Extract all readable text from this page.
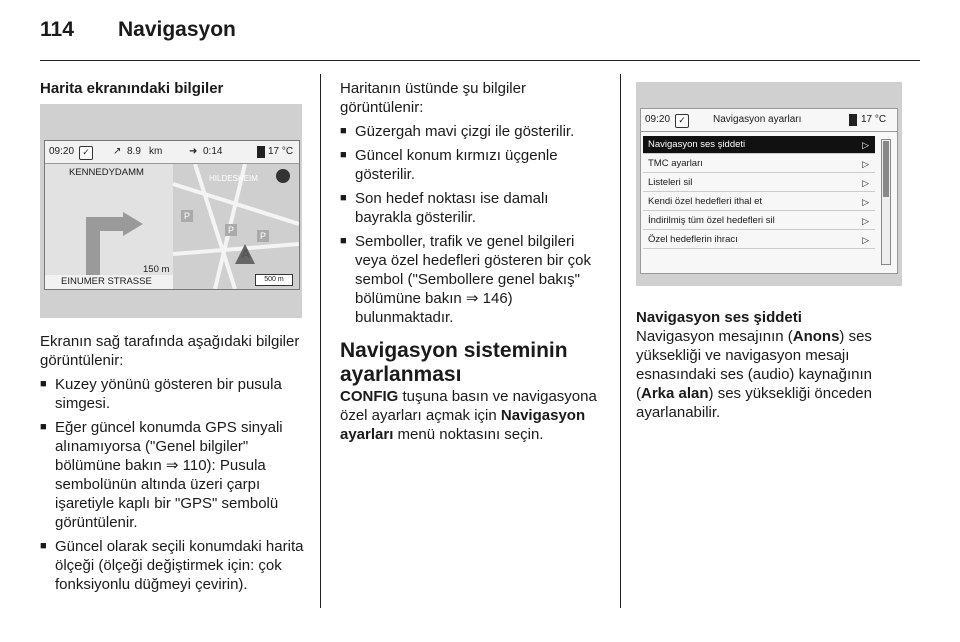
114 Navigasyon

Harita ekranındaki bilgiler

09:20 ✓	↗ 8.9 km	➜ 0:14	17 °C
KENNEDYDAMM
HILDESHEIM
P
P
P
A
150 m
EINUMER STRASSE	500 m

Ekranın sağ tarafında aşağıdaki bilgiler görüntülenir:

■ Kuzey yönünü gösteren bir pusula simgesi.
■ Eğer güncel konumda GPS sinyali alınamıyorsa ("Genel bilgiler" bölümüne bakın ⇒ 110): Pusula sembolünün altında üzeri çarpı işaretiyle kaplı bir "GPS" sembolü görüntülenir.
■ Güncel olarak seçili konumdaki harita ölçeği (ölçeği değiştirmek için: çok fonksiyonlu düğmeyi çevirin).

Haritanın üstünde şu bilgiler görüntülenir:

■ Güzergah mavi çizgi ile gösterilir.
■ Güncel konum kırmızı üçgenle gösterilir.
■ Son hedef noktası ise damalı bayrakla gösterilir.
■ Semboller, trafik ve genel bilgileri veya özel hedefleri gösteren bir çok sembol ("Sembollere genel bakış" bölümüne bakın ⇒ 146) bulunmaktadır.

Navigasyon sisteminin ayarlanması

CONFIG tuşuna basın ve navigasyona özel ayarları açmak için Navigasyon ayarları menü noktasını seçin.

09:20 ✓	Navigasyon ayarları	17 °C
Navigasyon ses şiddeti	▷
TMC ayarları	▷
Listeleri sil	▷
Kendi özel hedefleri ithal et	▷
İndirilmiş tüm özel hedefleri sil	▷
Özel hedeflerin ihracı	▷

Navigasyon ses şiddeti

Navigasyon mesajının (Anons) ses yüksekliği ve navigasyon mesajı esnasındaki ses (audio) kaynağının (Arka alan) ses yüksekliği önceden ayarlanabilir.
